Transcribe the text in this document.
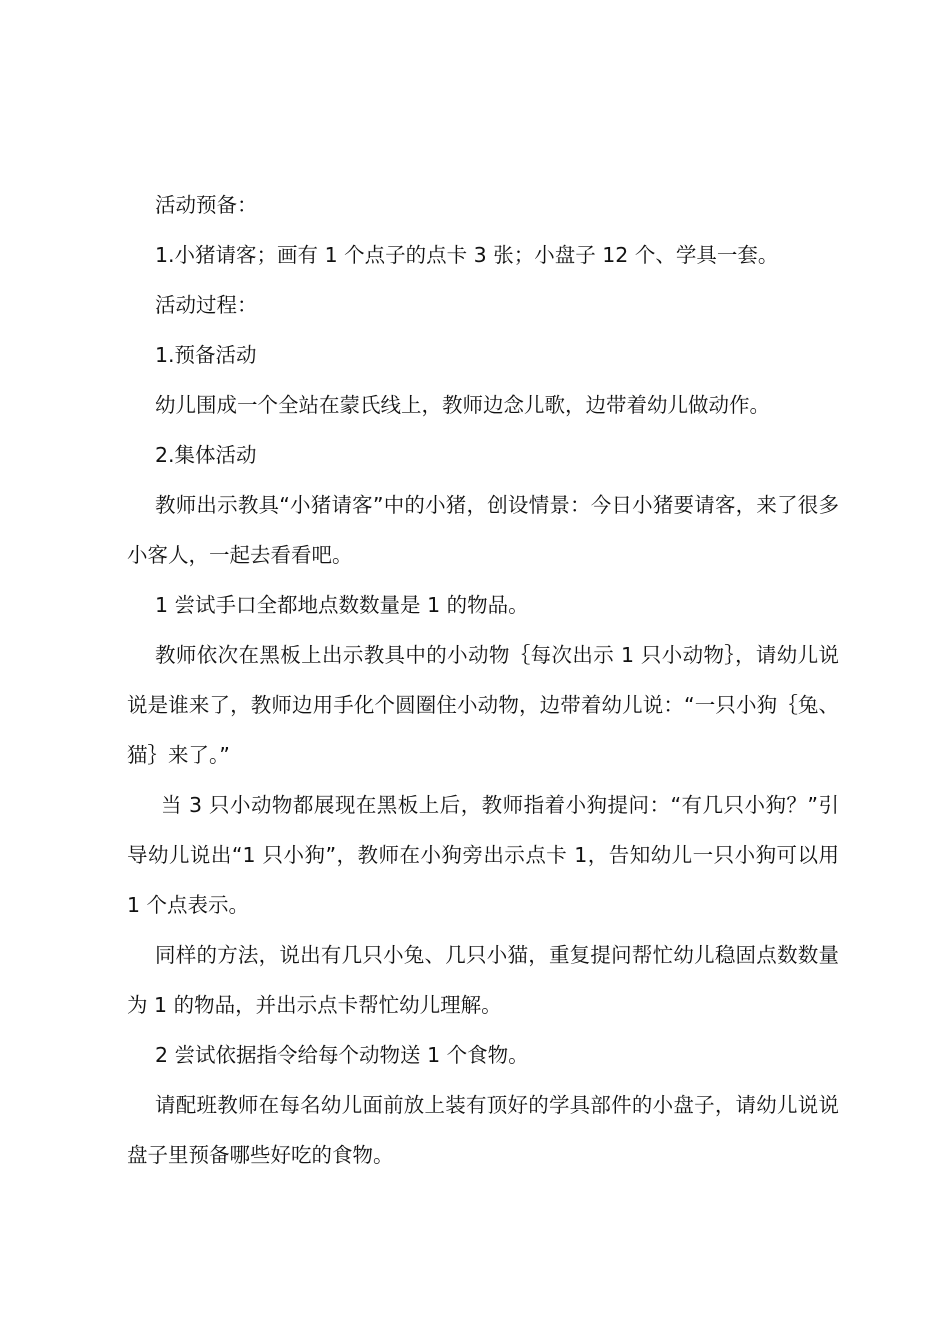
活动预备：

1.小猪请客；画有 1 个点子的点卡 3 张；小盘子 12 个、学具一套。

活动过程：

1.预备活动

幼儿围成一个全站在蒙氏线上，教师边念儿歌，边带着幼儿做动作。

2.集体活动

教师出示教具“小猪请客”中的小猪，创设情景：今日小猪要请客，来了很多小客人，一起去看看吧。

1 尝试手口全都地点数数量是 1 的物品。

教师依次在黑板上出示教具中的小动物｛每次出示 1 只小动物｝，请幼儿说说是谁来了，教师边用手化个圆圈住小动物，边带着幼儿说：“一只小狗｛兔、猫｝来了。”

当 3 只小动物都展现在黑板上后，教师指着小狗提问：“有几只小狗？”引导幼儿说出“1 只小狗”，教师在小狗旁出示点卡 1，告知幼儿一只小狗可以用 1 个点表示。

同样的方法，说出有几只小兔、几只小猫，重复提问帮忙幼儿稳固点数数量为 1 的物品，并出示点卡帮忙幼儿理解。

2 尝试依据指令给每个动物送 1 个食物。

请配班教师在每名幼儿面前放上装有顶好的学具部件的小盘子，请幼儿说说盘子里预备哪些好吃的食物。
